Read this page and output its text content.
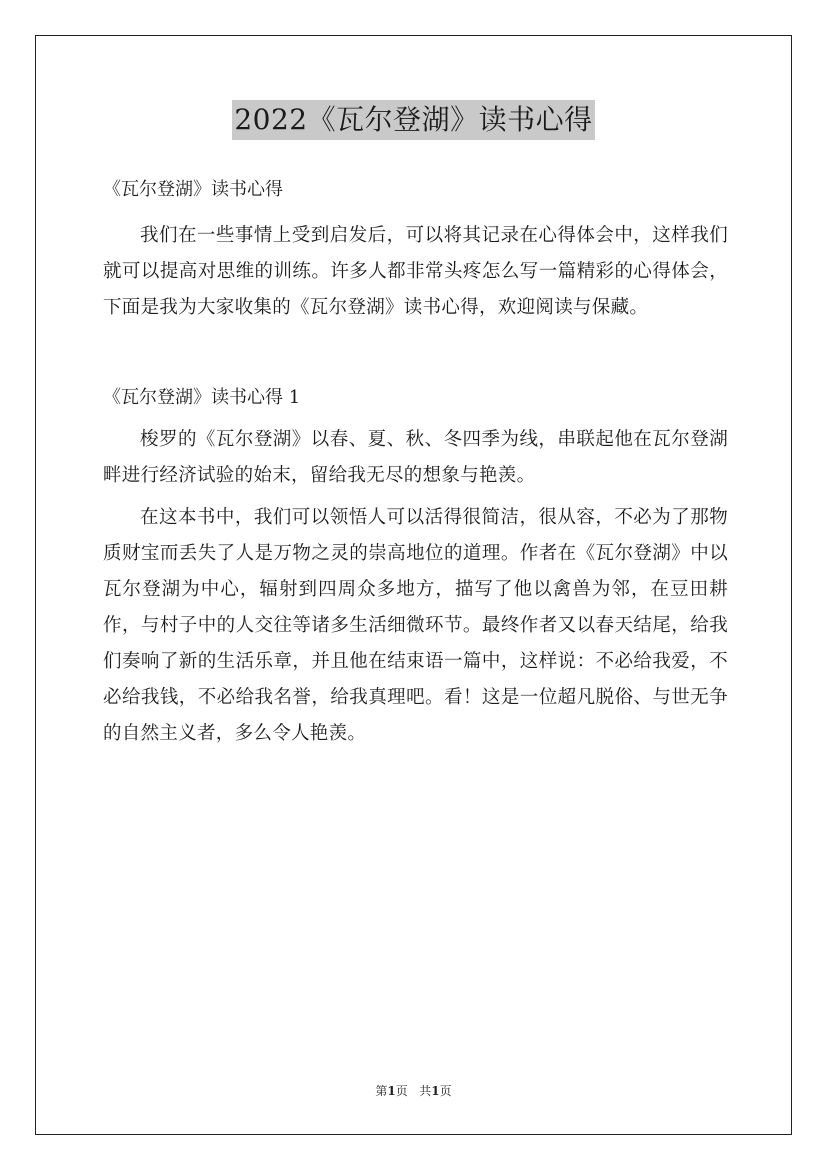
2022《瓦尔登湖》读书心得

《瓦尔登湖》读书心得

我们在一些事情上受到启发后，可以将其记录在心得体会中，这样我们就可以提高对思维的训练。许多人都非常头疼怎么写一篇精彩的心得体会，下面是我为大家收集的《瓦尔登湖》读书心得，欢迎阅读与保藏。

《瓦尔登湖》读书心得 1

梭罗的《瓦尔登湖》以春、夏、秋、冬四季为线，串联起他在瓦尔登湖畔进行经济试验的始末，留给我无尽的想象与艳羡。

在这本书中，我们可以领悟人可以活得很简洁，很从容，不必为了那物质财宝而丢失了人是万物之灵的崇高地位的道理。作者在《瓦尔登湖》中以瓦尔登湖为中心，辐射到四周众多地方，描写了他以禽兽为邻，在豆田耕作，与村子中的人交往等诸多生活细微环节。最终作者又以春天结尾，给我们奏响了新的生活乐章，并且他在结束语一篇中，这样说：不必给我爱，不必给我钱，不必给我名誉，给我真理吧。看！这是一位超凡脱俗、与世无争的自然主义者，多么令人艳羡。

第1页 共1页
